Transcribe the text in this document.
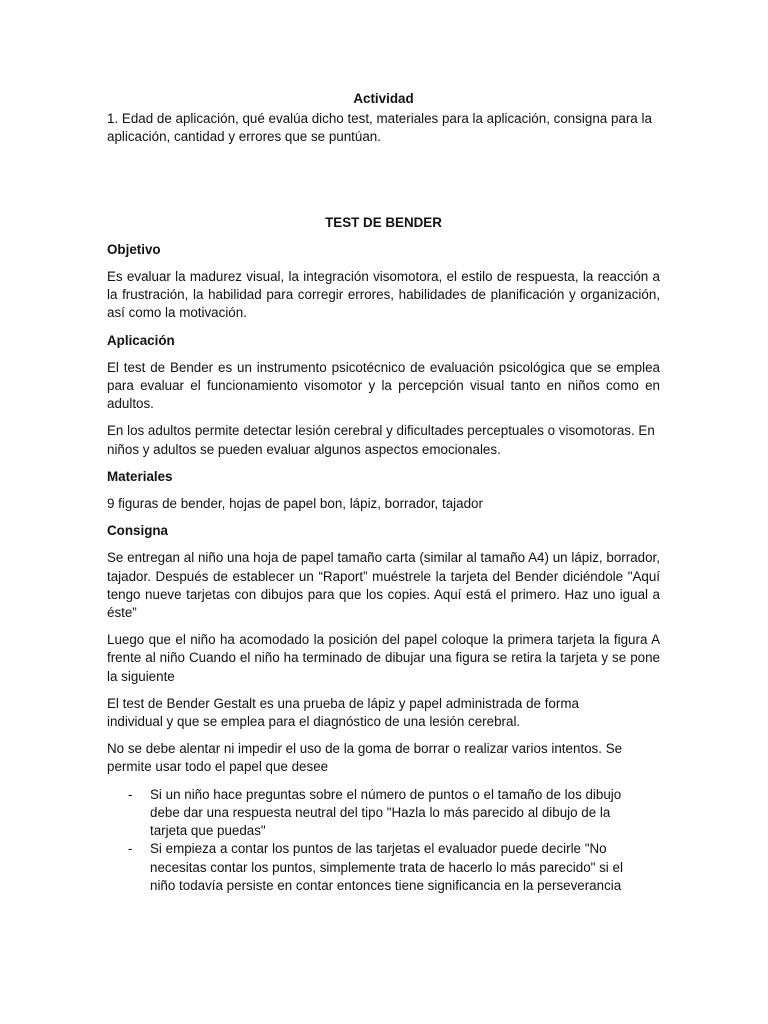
Actividad

1. Edad de aplicación, qué evalúa dicho test, materiales para la aplicación, consigna para la aplicación, cantidad y errores que se puntúan.

TEST DE BENDER

Objetivo

Es evaluar la madurez visual, la integración visomotora, el estilo de respuesta, la reacción a la frustración, la habilidad para corregir errores, habilidades de planificación y organización, así como la motivación.

Aplicación

El test de Bender es un instrumento psicotécnico de evaluación psicológica que se emplea para evaluar el funcionamiento visomotor y la percepción visual tanto en niños como en adultos.

En los adultos permite detectar lesión cerebral y dificultades perceptuales o visomotoras. En niños y adultos se pueden evaluar algunos aspectos emocionales.

Materiales

9 figuras de bender, hojas de papel bon, lápiz, borrador, tajador

Consigna

Se entregan al niño una hoja de papel tamaño carta (similar al tamaño A4) un lápiz, borrador, tajador. Después de establecer un “Raport” muéstrele la tarjeta del Bender diciéndole "Aquí tengo nueve tarjetas con dibujos para que los copies. Aquí está el primero. Haz uno igual a éste”

Luego que el niño ha acomodado la posición del papel coloque la primera tarjeta la figura A frente al niño Cuando el niño ha terminado de dibujar una figura se retira la tarjeta y se pone la siguiente

El test de Bender Gestalt es una prueba de lápiz y papel administrada de forma individual y que se emplea para el diagnóstico de una lesión cerebral.

No se debe alentar ni impedir el uso de la goma de borrar o realizar varios intentos. Se permite usar todo el papel que desee

- Si un niño hace preguntas sobre el número de puntos o el tamaño de los dibujo debe dar una respuesta neutral del tipo "Hazla lo más parecido al dibujo de la tarjeta que puedas"
- Si empieza a contar los puntos de las tarjetas el evaluador puede decirle "No necesitas contar los puntos, simplemente trata de hacerlo lo más parecido" si el niño todavía persiste en contar entonces tiene significancia en la perseverancia
